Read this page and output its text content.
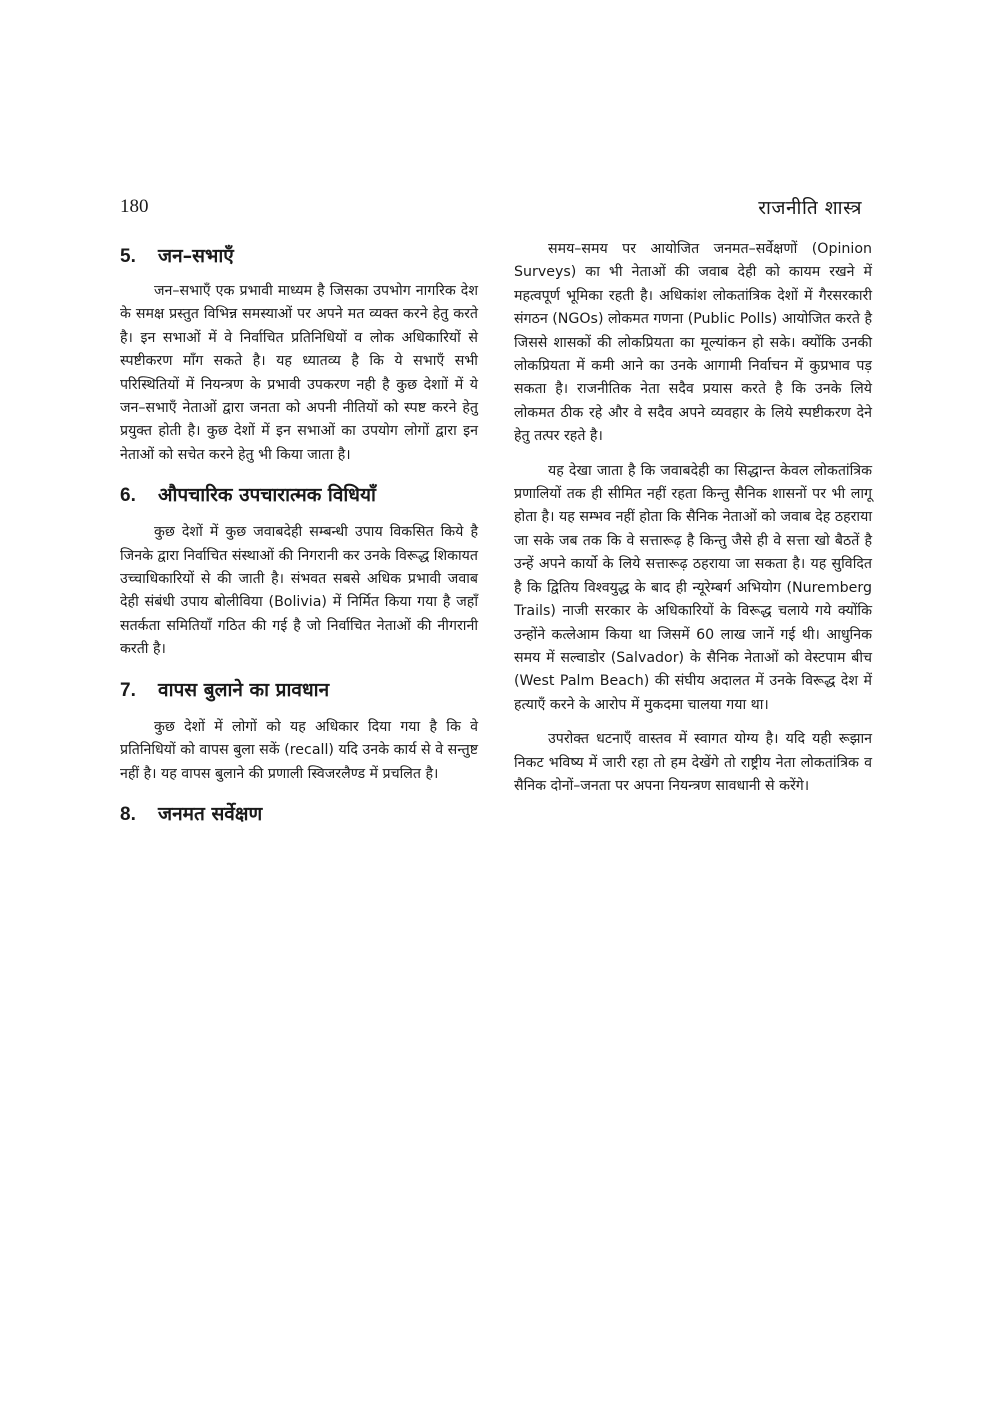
180	राजनीति शास्त्र
5. जन–सभाएँ

जन–सभाएँ एक प्रभावी माध्यम है जिसका उपभोग नागरिक देश के समक्ष प्रस्तुत विभिन्न समस्याओं पर अपने मत व्यक्त करने हेतु करते है। इन सभाओं में वे निर्वाचित प्रतिनिधियों व लोक अधिकारियों से स्पष्टीकरण माँग सकते है। यह ध्यातव्य है कि ये सभाएँ सभी परिस्थितियों में नियन्त्रण के प्रभावी उपकरण नही है कुछ देशाों में ये जन–सभाएँ नेताओं द्वारा जनता को अपनी नीतियों को स्पष्ट करने हेतु प्रयुक्त होती है। कुछ देशों में इन सभाओं का उपयोग लोगों द्वारा इन नेताओं को सचेत करने हेतु भी किया जाता है।

6. औपचारिक उपचारात्मक विधियाँ

कुछ देशों में कुछ जवाबदेही सम्बन्धी उपाय विकसित किये है जिनके द्वारा निर्वाचित संस्थाओं की निगरानी कर उनके विरूद्ध शिकायत उच्चाधिकारियों से की जाती है। संभवत सबसे अधिक प्रभावी जवाब देही संबंधी उपाय बोलीविया (Bolivia) में निर्मित किया गया है जहाँ सतर्कता समितियाँ गठित की गई है जो निर्वाचित नेताओं की नीगरानी करती है।

7. वापस बुलाने का प्रावधान

कुछ देशों में लोगों को यह अधिकार दिया गया है कि वे प्रतिनिधियों को वापस बुला सकें (recall) यदि उनके कार्य से वे सन्तुष्ट नहीं है। यह वापस बुलाने की प्रणाली स्विजरलैण्ड में प्रचलित है।

8. जनमत सर्वेक्षण

समय–समय पर आयोजित जनमत–सर्वेक्षणों (Opinion Surveys) का भी नेताओं की जवाब देही को कायम रखने में महत्वपूर्ण भूमिका रहती है। अधिकांश लोकतांत्रिक देशों में गैरसरकारी संगठन (NGOs) लोकमत गणना (Public Polls) आयोजित करते है जिससे शासकों की लोकप्रियता का मूल्यांकन हो सके। क्योंकि उनकी लोकप्रियता में कमी आने का उनके आगामी निर्वाचन में कुप्रभाव पड़ सकता है। राजनीतिक नेता सदैव प्रयास करते है कि उनके लिये लोकमत ठीक रहे और वे सदैव अपने व्यवहार के लिये स्पष्टीकरण देने हेतु तत्पर रहते है।

यह देखा जाता है कि जवाबदेही का सिद्धान्त केवल लोकतांत्रिक प्रणालियों तक ही सीमित नहीं रहता किन्तु सैनिक शासनों पर भी लागू होता है। यह सम्भव नहीं होता कि सैनिक नेताओं को जवाब देह ठहराया जा सके जब तक कि वे सत्तारूढ़ है किन्तु जैसे ही वे सत्ता खो बैठतें है उन्हें अपने कार्यो के लिये सत्तारूढ़ ठहराया जा सकता है। यह सुविदित है कि द्वितिय विश्वयुद्ध के बाद ही न्यूरेम्बर्ग अभियोग (Nuremberg Trails) नाजी सरकार के अधिकारियों के विरूद्ध चलाये गये क्योंकि उन्होंने कत्लेआम किया था जिसमें 60 लाख जानें गई थी। आधुनिक समय में सल्वाडोर (Salvador) के सैनिक नेताओं को वेस्टपाम बीच (West Palm Beach) की संघीय अदालत में उनके विरूद्ध देश में हत्याएँ करने के आरोप में मुकदमा चालया गया था।

उपरोक्त धटनाएँ वास्तव में स्वागत योग्य है। यदि यही रूझान निकट भविष्य में जारी रहा तो हम देखेंगे तो राष्ट्रीय नेता लोकतांत्रिक व सैनिक दोनों–जनता पर अपना नियन्त्रण सावधानी से करेंगे।
